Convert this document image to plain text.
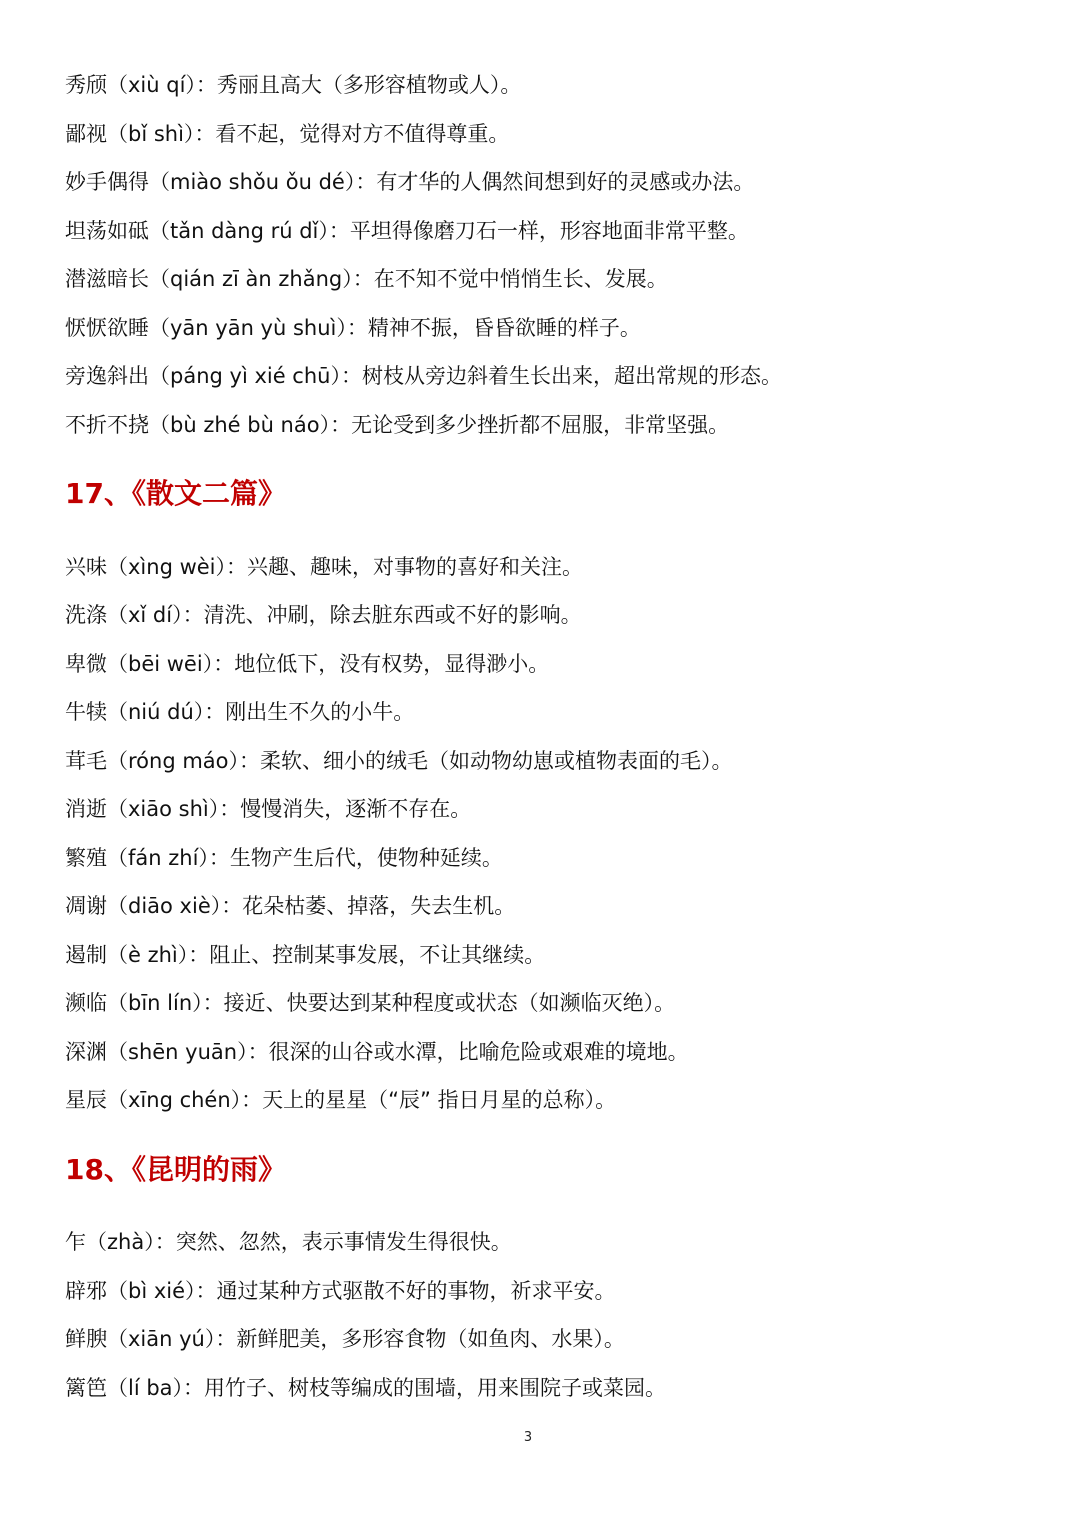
秀颀（xiù qí）：秀丽且高大（多形容植物或人）。
鄙视（bǐ shì）：看不起，觉得对方不值得尊重。
妙手偶得（miào shǒu ǒu dé）：有才华的人偶然间想到好的灵感或办法。
坦荡如砥（tǎn dàng rú dǐ）：平坦得像磨刀石一样，形容地面非常平整。
潜滋暗长（qián zī àn zhǎng）：在不知不觉中悄悄生长、发展。
恹恹欲睡（yān yān yù shuì）：精神不振，昏昏欲睡的样子。
旁逸斜出（páng yì xié chū）：树枝从旁边斜着生长出来，超出常规的形态。
不折不挠（bù zhé bù náo）：无论受到多少挫折都不屈服，非常坚强。
17、《散文二篇》
兴味（xìng wèi）：兴趣、趣味，对事物的喜好和关注。
洗涤（xǐ dí）：清洗、冲刷，除去脏东西或不好的影响。
卑微（bēi wēi）：地位低下，没有权势，显得渺小。
牛犊（niú dú）：刚出生不久的小牛。
茸毛（róng máo）：柔软、细小的绒毛（如动物幼崽或植物表面的毛）。
消逝（xiāo shì）：慢慢消失，逐渐不存在。
繁殖（fán zhí）：生物产生后代，使物种延续。
凋谢（diāo xiè）：花朵枯萎、掉落，失去生机。
遏制（è zhì）：阻止、控制某事发展，不让其继续。
濒临（bīn lín）：接近、快要达到某种程度或状态（如濒临灭绝）。
深渊（shēn yuān）：很深的山谷或水潭，比喻危险或艰难的境地。
星辰（xīng chén）：天上的星星（“辰” 指日月星的总称）。
18、《昆明的雨》
乍（zhà）：突然、忽然，表示事情发生得很快。
辟邪（bì xié）：通过某种方式驱散不好的事物，祈求平安。
鲜腴（xiān yú）：新鲜肥美，多形容食物（如鱼肉、水果）。
篱笆（lí ba）：用竹子、树枝等编成的围墙，用来围院子或菜园。
3
